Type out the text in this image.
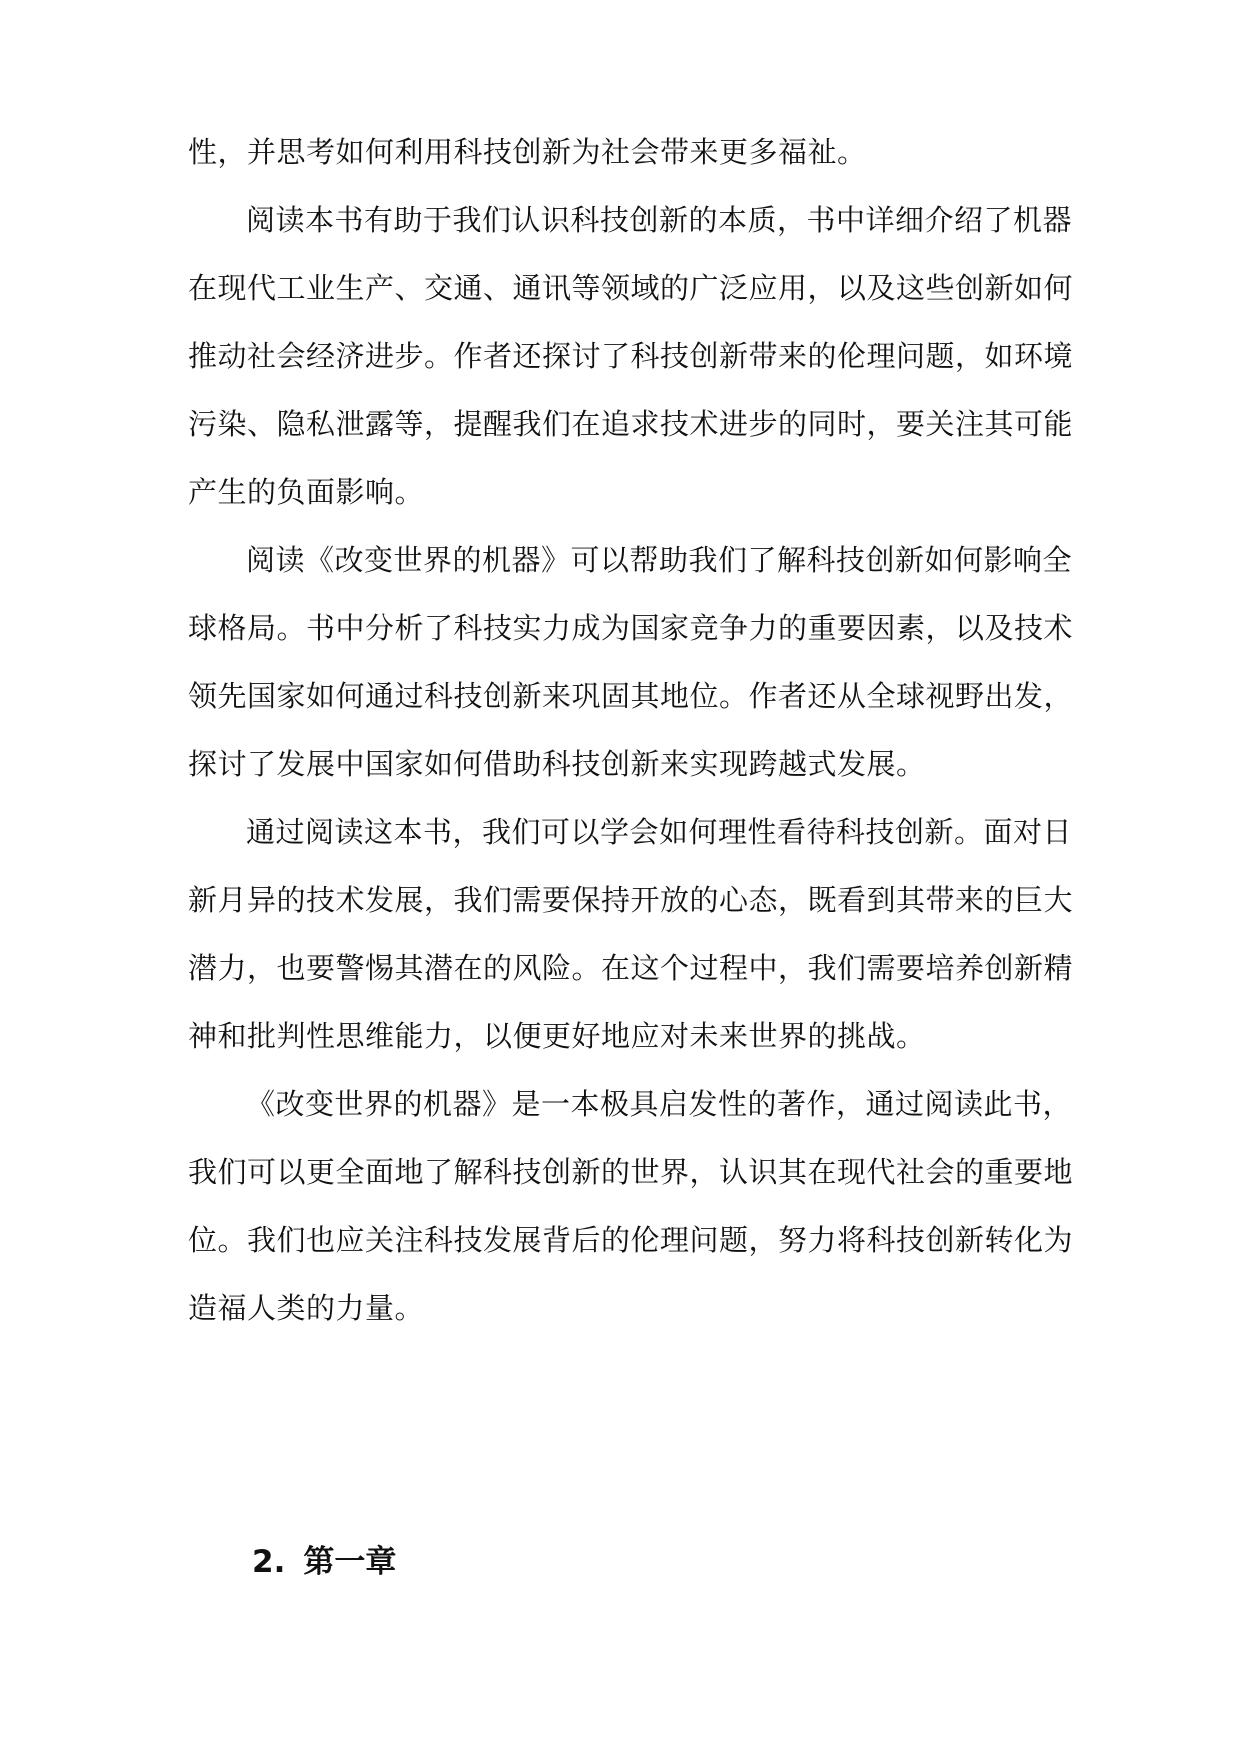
性，并思考如何利用科技创新为社会带来更多福祉。
阅读本书有助于我们认识科技创新的本质，书中详细介绍了机器
在现代工业生产、交通、通讯等领域的广泛应用，以及这些创新如何
推动社会经济进步。作者还探讨了科技创新带来的伦理问题，如环境
污染、隐私泄露等，提醒我们在追求技术进步的同时，要关注其可能
产生的负面影响。
阅读《改变世界的机器》可以帮助我们了解科技创新如何影响全
球格局。书中分析了科技实力成为国家竞争力的重要因素，以及技术
领先国家如何通过科技创新来巩固其地位。作者还从全球视野出发，
探讨了发展中国家如何借助科技创新来实现跨越式发展。
通过阅读这本书，我们可以学会如何理性看待科技创新。面对日
新月异的技术发展，我们需要保持开放的心态，既看到其带来的巨大
潜力，也要警惕其潜在的风险。在这个过程中，我们需要培养创新精
神和批判性思维能力，以便更好地应对未来世界的挑战。
《改变世界的机器》是一本极具启发性的著作，通过阅读此书，
我们可以更全面地了解科技创新的世界，认识其在现代社会的重要地
位。我们也应关注科技发展背后的伦理问题，努力将科技创新转化为
造福人类的力量。
2. 第一章
